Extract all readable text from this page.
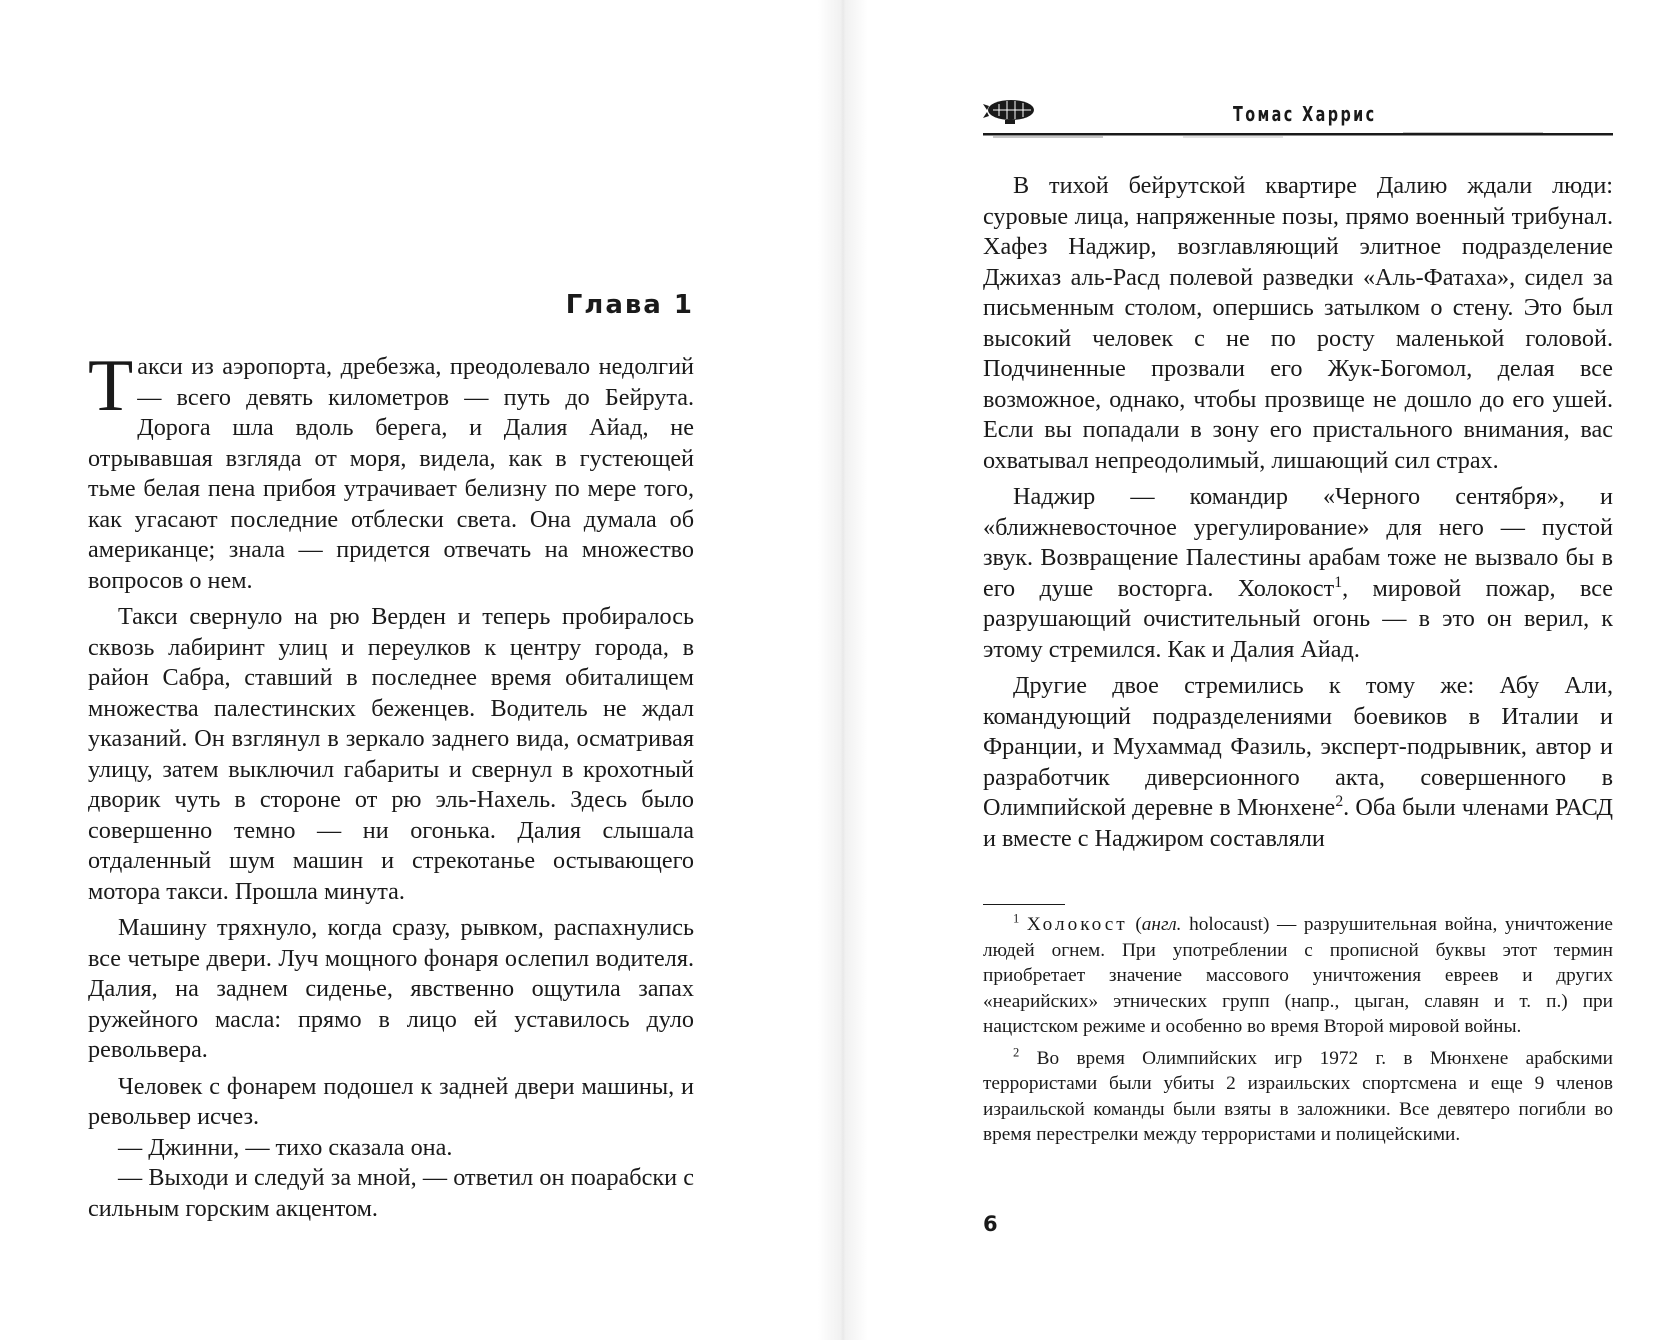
Глава 1

Такси из аэропорта, дребезжа, преодолевало недолгий — всего девять километров — путь до Бейрута. Дорога шла вдоль берега, и Далия Айад, не отрывавшая взгляда от моря, видела, как в густеющей тьме белая пена прибоя утрачивает белизну по мере того, как угасают последние отблески света. Она думала об американце; знала — придется отвечать на множество вопросов о нем.

Такси свернуло на рю Верден и теперь пробиралось сквозь лабиринт улиц и переулков к центру города, в район Сабра, ставший в последнее время обиталищем множества палестинских беженцев. Водитель не ждал указаний. Он взглянул в зеркало заднего вида, осматривая улицу, затем выключил габариты и свернул в крохотный дворик чуть в стороне от рю эль-Нахель. Здесь было совершенно темно — ни огонька. Далия слышала отдаленный шум машин и стрекотанье остывающего мотора такси. Прошла минута.

Машину тряхнуло, когда сразу, рывком, распахнулись все четыре двери. Луч мощного фонаря ослепил водителя. Далия, на заднем сиденье, явственно ощутила запах ружейного масла: прямо в лицо ей уставилось дуло револьвера.

Человек с фонарем подошел к задней двери машины, и револьвер исчез.

— Джинни, — тихо сказала она.

— Выходи и следуй за мной, — ответил он поарабски с сильным горским акцентом.

Томас Харрис

В тихой бейрутской квартире Далию ждали люди: суровые лица, напряженные позы, прямо военный трибунал. Хафез Наджир, возглавляющий элитное подразделение Джихаз аль-Расд полевой разведки «Аль-Фатаха», сидел за письменным столом, опершись затылком о стену. Это был высокий человек с не по росту маленькой головой. Подчиненные прозвали его Жук-Богомол, делая все возможное, однако, чтобы прозвище не дошло до его ушей. Если вы попадали в зону его пристального внимания, вас охватывал непреодолимый, лишающий сил страх.

Наджир — командир «Черного сентября», и «ближневосточное урегулирование» для него — пустой звук. Возвращение Палестины арабам тоже не вызвало бы в его душе восторга. Холокост$^1$, мировой пожар, все разрушающий очистительный огонь — в это он верил, к этому стремился. Как и Далия Айад.

Другие двое стремились к тому же: Абу Али, командующий подразделениями боевиков в Италии и Франции, и Мухаммад Фазиль, эксперт-подрывник, автор и разработчик диверсионного акта, совершенного в Олимпийской деревне в Мюнхене$^2$. Оба были членами РАСД и вместе с Наджиром составляли

$^1$ Холокост (англ. holocaust) — разрушительная война, уничтожение людей огнем. При употреблении с прописной буквы этот термин приобретает значение массового уничтожения евреев и других «неарийских» этнических групп (напр., цыган, славян и т. п.) при нацистском режиме и особенно во время Второй мировой войны.

$^2$ Во время Олимпийских игр 1972 г. в Мюнхене арабскими террористами были убиты 2 израильских спортсмена и еще 9 членов израильской команды были взяты в заложники. Все девятеро погибли во время перестрелки между террористами и полицейскими.

6
